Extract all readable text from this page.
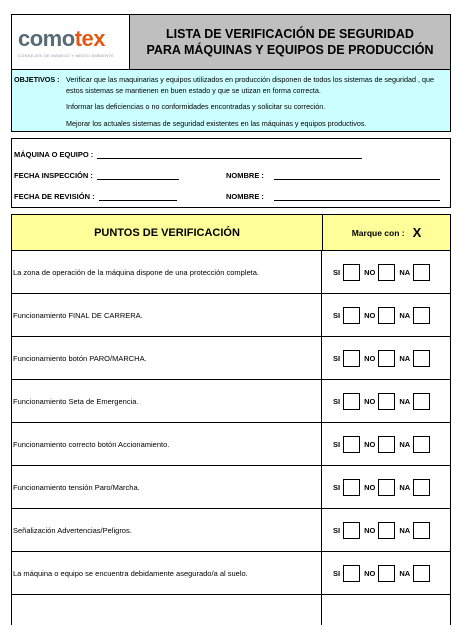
comotex
CONSEJOS DE MANEJO Y MEDIO AMBIENTE
LISTA DE VERIFICACIÓN DE SEGURIDAD
PARA MÁQUINAS Y EQUIPOS DE PRODUCCIÓN
OBJETIVOS : Verificar que las maquinarias y equipos utilizados en producción disponen de todos los sistemas de seguridad , que estos sistemas se mantienen en buen estado y que se utizan en forma correcta.
Informar las deficiencias o no conformidades encontradas y solicitar su correción.
Mejorar los actuales sistemas de seguridad existentes en las máquinas y equipos productivos.
MÁQUINA O EQUIPO :
FECHA INSPECCIÓN :	NOMBRE :
FECHA DE REVISIÓN :	NOMBRE :
PUNTOS DE VERIFICACIÓN	Marque con : X
La zona de operación de la máquina dispone de una protección completa.	SI	NO	NA
Funcionamiento FINAL DE CARRERA.	SI	NO	NA
Funcionamiento botón PARO/MARCHA.	SI	NO	NA
Funcionamiento Seta de Emergencia.	SI	NO	NA
Funcionamiento correcto botón Accionamiento.	SI	NO	NA
Funcionamiento tensión Paro/Marcha.	SI	NO	NA
Señalización Advertencias/Peligros.	SI	NO	NA
La máquina o equipo se encuentra debidamente asegurado/a al suelo.	SI	NO	NA
